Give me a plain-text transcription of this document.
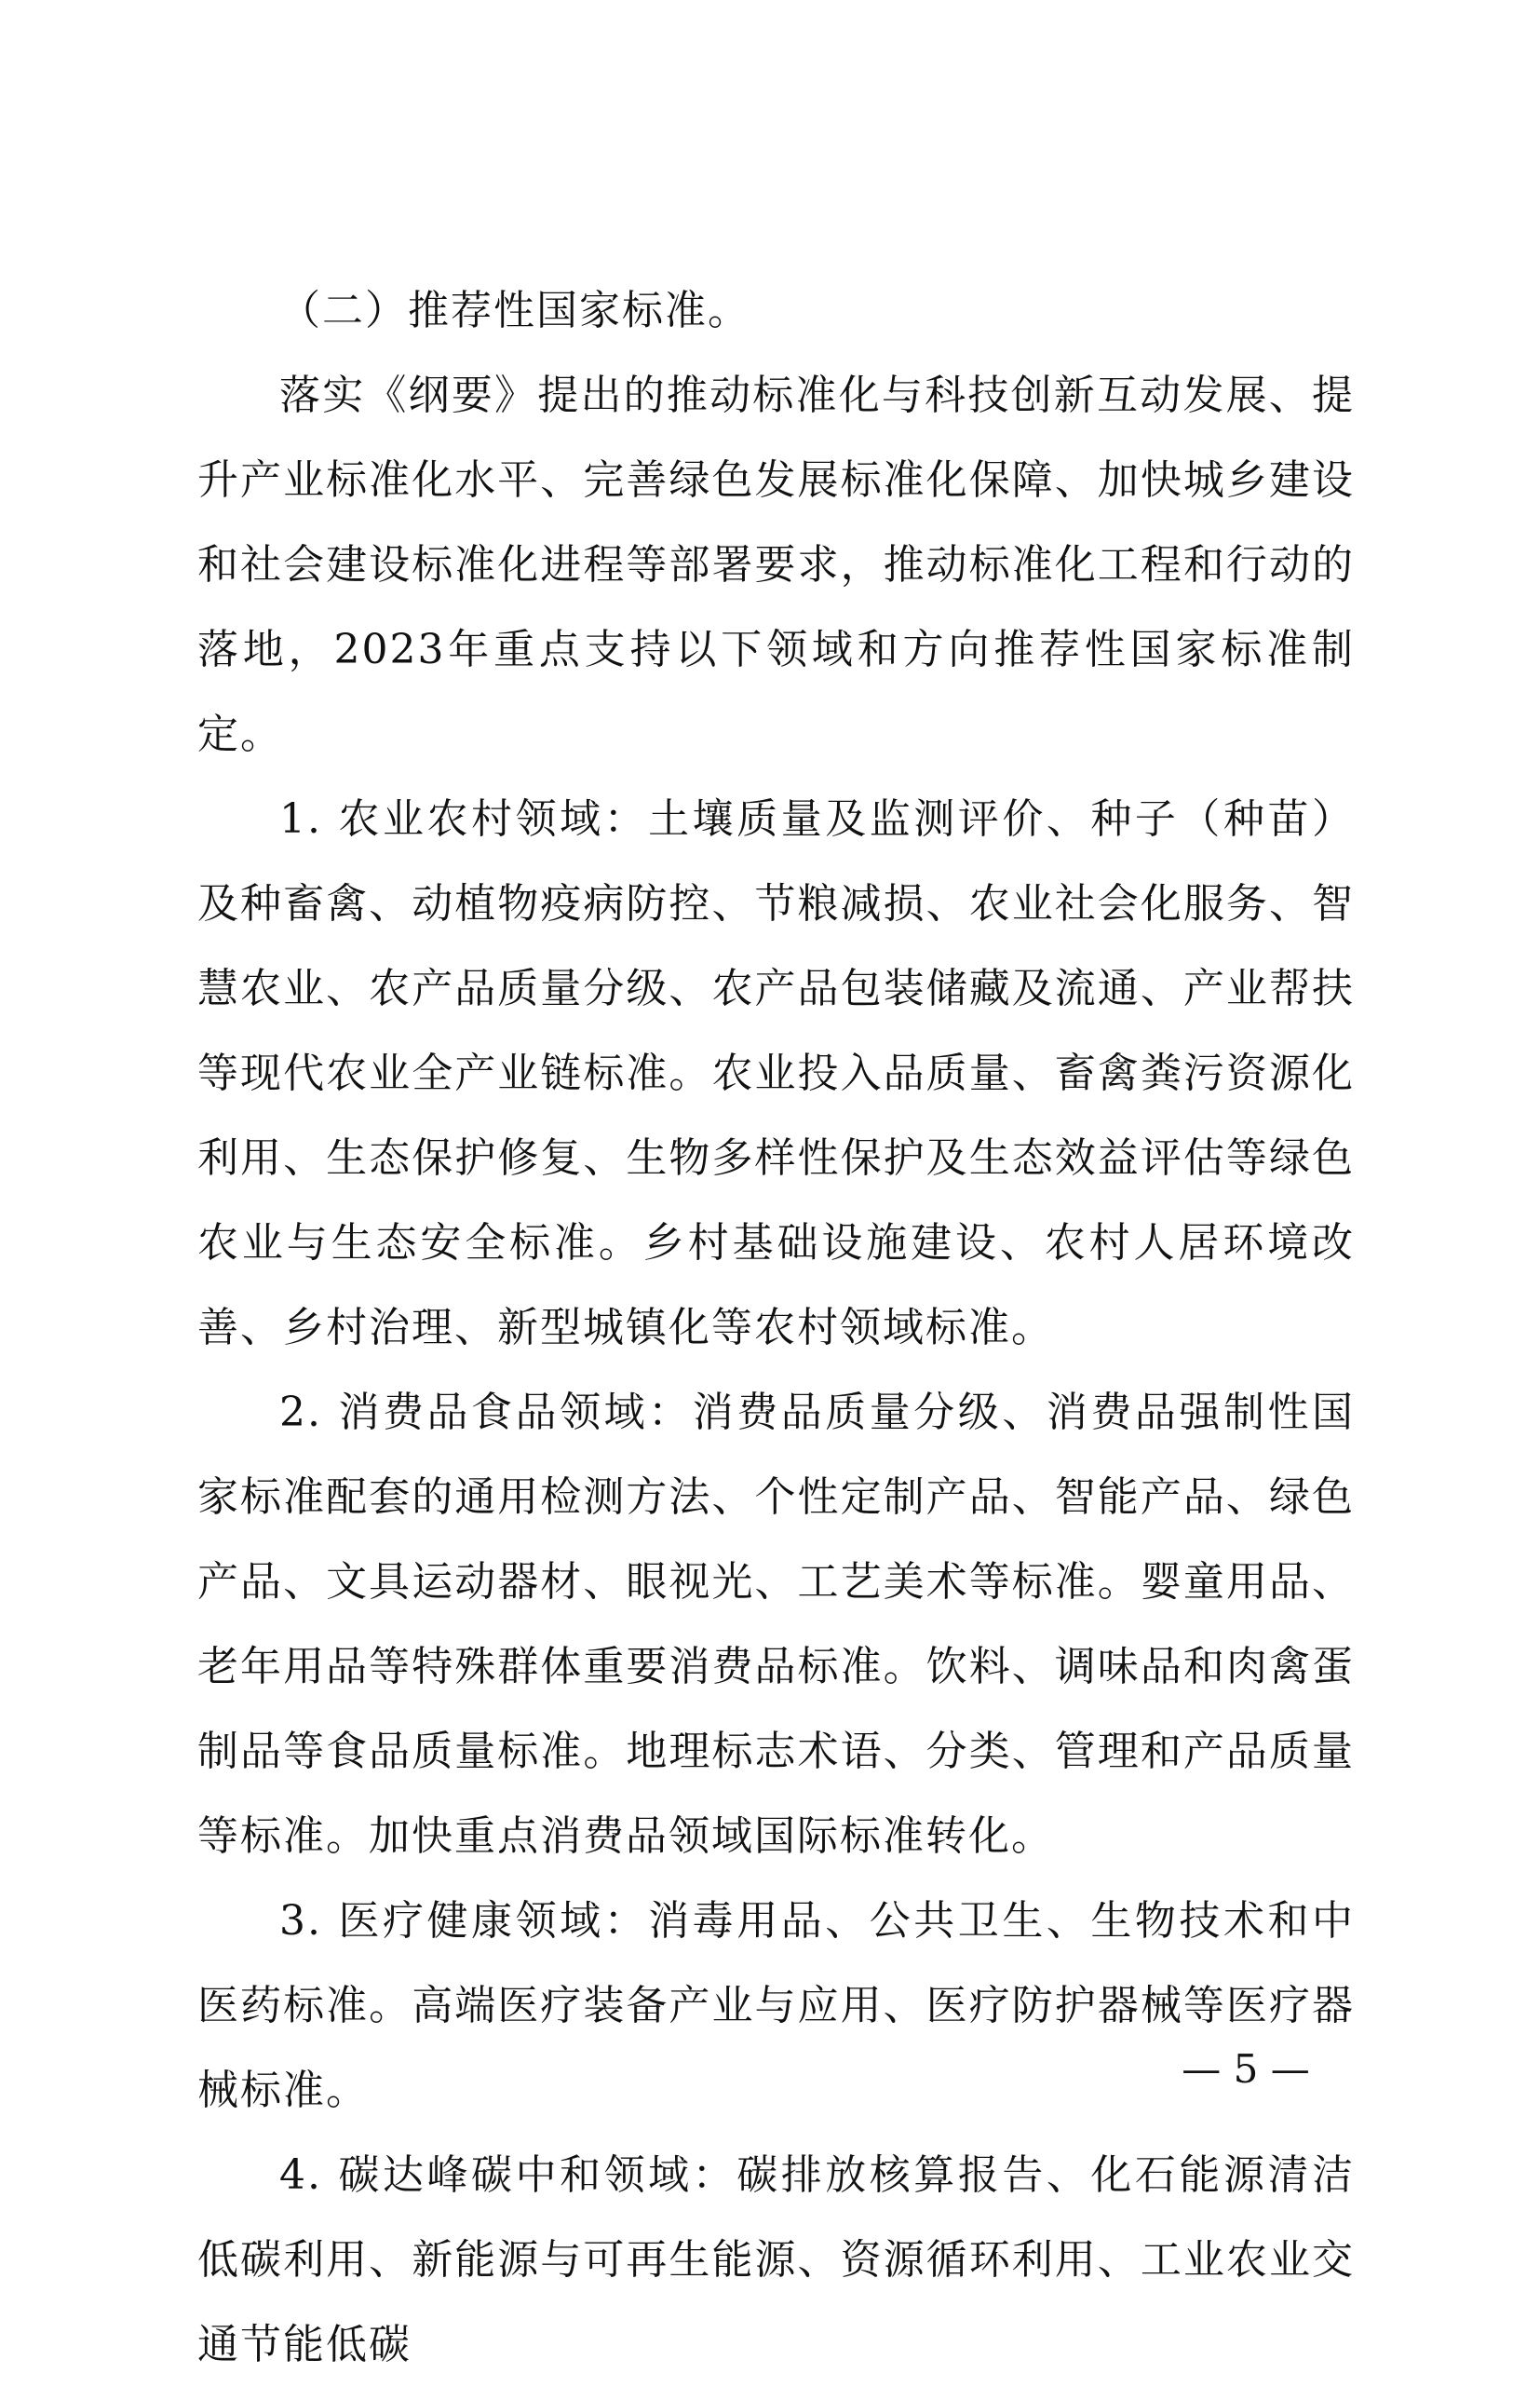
（二）推荐性国家标准。

落实《纲要》提出的推动标准化与科技创新互动发展、提升产业标准化水平、完善绿色发展标准化保障、加快城乡建设和社会建设标准化进程等部署要求，推动标准化工程和行动的落地，2023年重点支持以下领域和方向推荐性国家标准制定。

1. 农业农村领域：土壤质量及监测评价、种子（种苗）及种畜禽、动植物疫病防控、节粮减损、农业社会化服务、智慧农业、农产品质量分级、农产品包装储藏及流通、产业帮扶等现代农业全产业链标准。农业投入品质量、畜禽粪污资源化利用、生态保护修复、生物多样性保护及生态效益评估等绿色农业与生态安全标准。乡村基础设施建设、农村人居环境改善、乡村治理、新型城镇化等农村领域标准。

2. 消费品食品领域：消费品质量分级、消费品强制性国家标准配套的通用检测方法、个性定制产品、智能产品、绿色产品、文具运动器材、眼视光、工艺美术等标准。婴童用品、老年用品等特殊群体重要消费品标准。饮料、调味品和肉禽蛋制品等食品质量标准。地理标志术语、分类、管理和产品质量等标准。加快重点消费品领域国际标准转化。

3. 医疗健康领域：消毒用品、公共卫生、生物技术和中医药标准。高端医疗装备产业与应用、医疗防护器械等医疗器械标准。

4. 碳达峰碳中和领域：碳排放核算报告、化石能源清洁低碳利用、新能源与可再生能源、资源循环利用、工业农业交通节能低碳

— 5 —
